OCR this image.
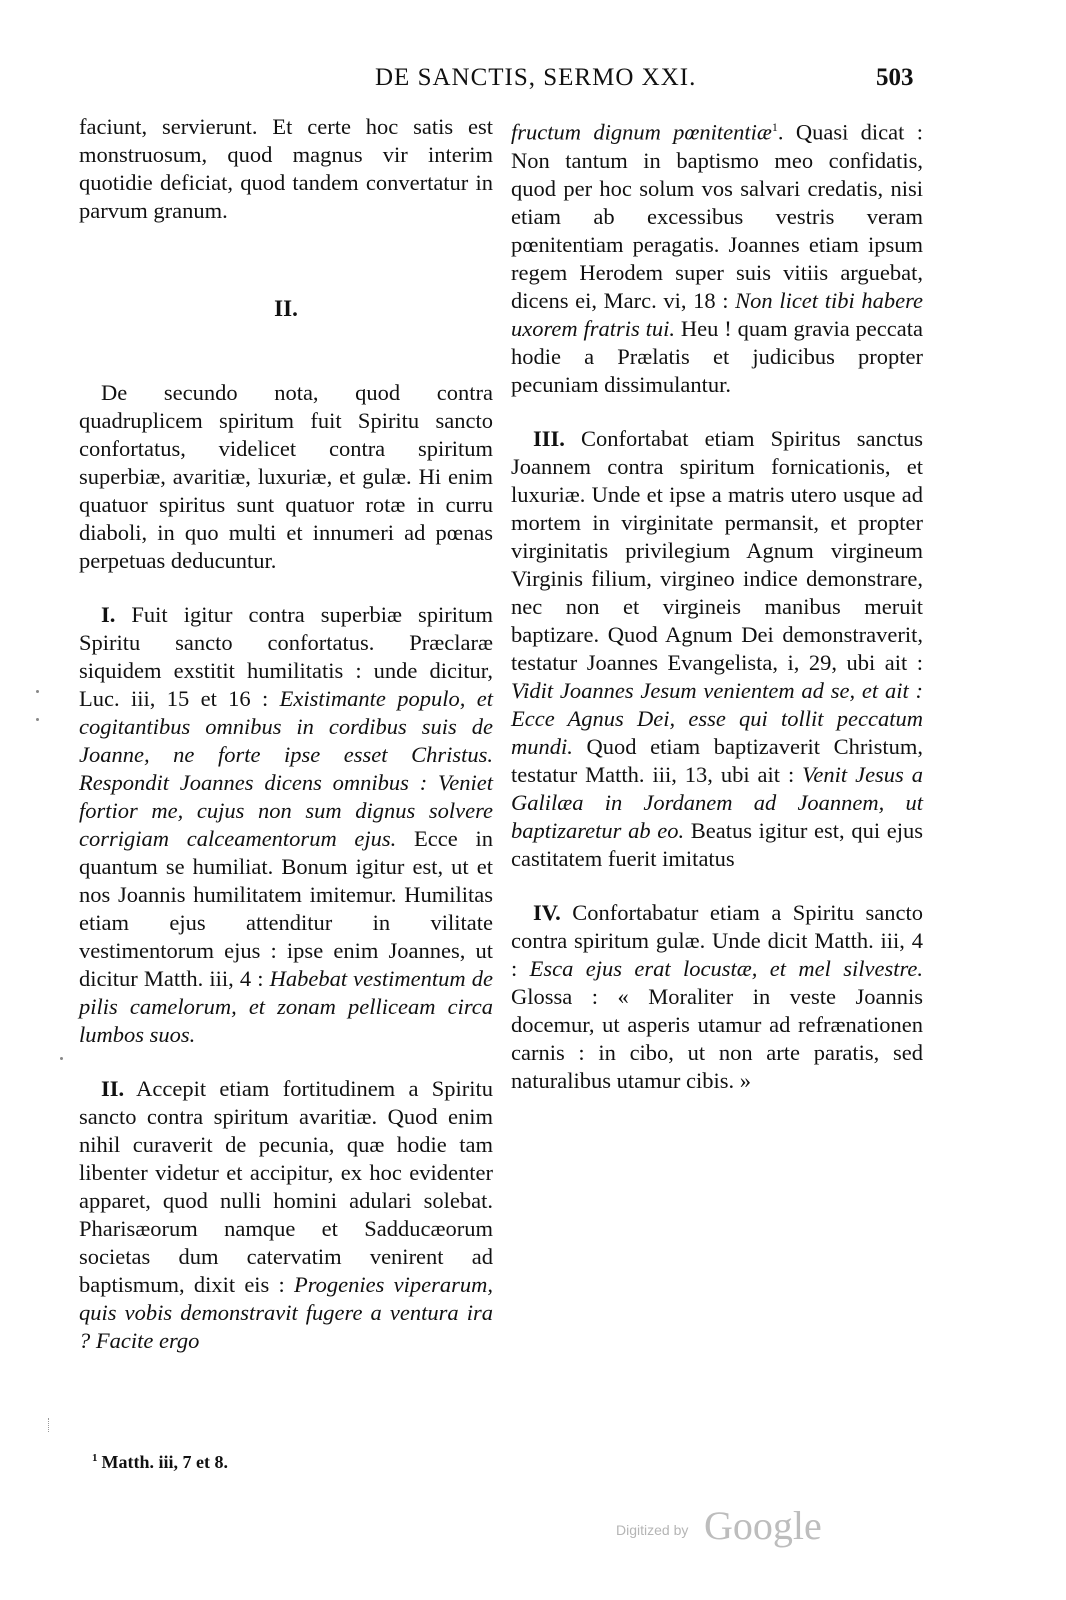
DE SANCTIS, SERMO XXI.	503

faciunt, servierunt. Et certe hoc satis est monstruosum, quod magnus vir interim quotidie deficiat, quod tandem convertatur in parvum granum.

II.

De secundo nota, quod contra quadruplicem spiritum fuit Spiritu sancto confortatus, videlicet contra spiritum superbiæ, avaritiæ, luxuriæ, et gulæ. Hi enim quatuor spiritus sunt quatuor rotæ in curru diaboli, in quo multi et innumeri ad pœnas perpetuas deducuntur.

I. Fuit igitur contra superbiæ spiritum Spiritu sancto confortatus. Præclaræ siquidem exstitit humilitatis : unde dicitur, Luc. iii, 15 et 16 : Existimante populo, et cogitantibus omnibus in cordibus suis de Joanne, ne forte ipse esset Christus. Respondit Joannes dicens omnibus : Veniet fortior me, cujus non sum dignus solvere corrigiam calceamentorum ejus. Ecce in quantum se humiliat. Bonum igitur est, ut et nos Joannis humilitatem imitemur. Humilitas etiam ejus attenditur in vilitate vestimentorum ejus : ipse enim Joannes, ut dicitur Matth. iii, 4 : Habebat vestimentum de pilis camelorum, et zonam pelliceam circa lumbos suos.

II. Accepit etiam fortitudinem a Spiritu sancto contra spiritum avaritiæ. Quod enim nihil curaverit de pecunia, quæ hodie tam libenter videtur et accipitur, ex hoc evidenter apparet, quod nulli homini adulari solebat. Pharisæorum namque et Sadducæorum societas dum catervatim venirent ad baptismum, dixit eis : Progenies viperarum, quis vobis demonstravit fugere a ventura ira ? Facite ergo

fructum dignum pœnitentiæ$^1$. Quasi dicat : Non tantum in baptismo meo confidatis, quod per hoc solum vos salvari credatis, nisi etiam ab excessibus vestris veram pœnitentiam peragatis. Joannes etiam ipsum regem Herodem super suis vitiis arguebat, dicens ei, Marc. vi, 18 : Non licet tibi habere uxorem fratris tui. Heu ! quam gravia peccata hodie a Prælatis et judicibus propter pecuniam dissimulantur.

III. Confortabat etiam Spiritus sanctus Joannem contra spiritum fornicationis, et luxuriæ. Unde et ipse a matris utero usque ad mortem in virginitate permansit, et propter virginitatis privilegium Agnum virgineum Virginis filium, virgineo indice demonstrare, nec non et virgineis manibus meruit baptizare. Quod Agnum Dei demonstraverit, testatur Joannes Evangelista, i, 29, ubi ait : Vidit Joannes Jesum venientem ad se, et ait : Ecce Agnus Dei, esse qui tollit peccatum mundi. Quod etiam baptizaverit Christum, testatur Matth. iii, 13, ubi ait : Venit Jesus a Galilæa in Jordanem ad Joannem, ut baptizaretur ab eo. Beatus igitur est, qui ejus castitatem fuerit imitatus

IV. Confortabatur etiam a Spiritu sancto contra spiritum gulæ. Unde dicit Matth. iii, 4 : Esca ejus erat locustæ, et mel silvestre. Glossa : « Moraliter in veste Joannis docemur, ut asperis utamur ad refrænationen carnis : in cibo, ut non arte paratis, sed naturalibus utamur cibis. »

$^1$ Matth. iii, 7 et 8.
Digitized by Google
